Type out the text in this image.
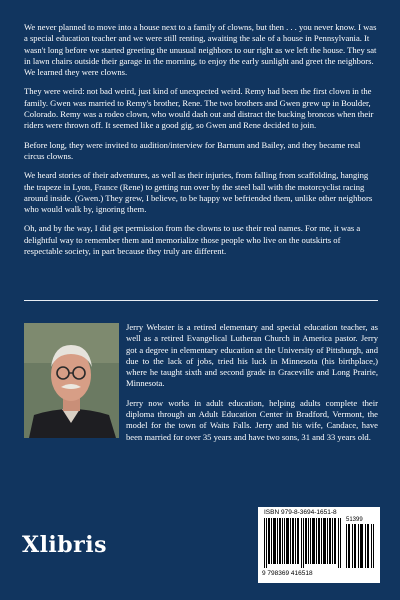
We never planned to move into a house next to a family of clowns, but then . . . you never know. I was a special education teacher and we were still renting, awaiting the sale of a house in Pennsylvania. It wasn't long before we started greeting the unusual neighbors to our right as we left the house. They sat in lawn chairs outside their garage in the morning, to enjoy the early sunlight and greet the neighbors. We learned they were clowns.

They were weird: not bad weird, just kind of unexpected weird. Remy had been the first clown in the family. Gwen was married to Remy's brother, Rene. The two brothers and Gwen grew up in Boulder, Colorado. Remy was a rodeo clown, who would dash out and distract the bucking broncos when their riders were thrown off. It seemed like a good gig, so Gwen and Rene decided to join.

Before long, they were invited to audition/interview for Barnum and Bailey, and they became real circus clowns.

We heard stories of their adventures, as well as their injuries, from falling from scaffolding, hanging the trapeze in Lyon, France (Rene) to getting run over by the steel ball with the motorcyclist racing around inside. (Gwen.) They grew, I believe, to be happy we befriended them, unlike other neighbors who would walk by, ignoring them.

Oh, and by the way, I did get permission from the clowns to use their real names. For me, it was a delightful way to remember them and memorialize those people who live on the outskirts of respectable society, in part because they truly are different.

Jerry Webster is a retired elementary and special education teacher, as well as a retired Evangelical Lutheran Church in America pastor. Jerry got a degree in elementary education at the University of Pittsburgh, and due to the lack of jobs, tried his luck in Minnesota (his birthplace,) where he taught sixth and second grade in Graceville and Long Prairie, Minnesota.

Jerry now works in adult education, helping adults complete their diploma through an Adult Education Center in Bradford, Vermont, the model for the town of Waits Falls. Jerry and his wife, Candace, have been married for over 35 years and have two sons, 31 and 33 years old.

Xlibris
ISBN 979-8-3694-1651-8
51399
9 798369 416518
